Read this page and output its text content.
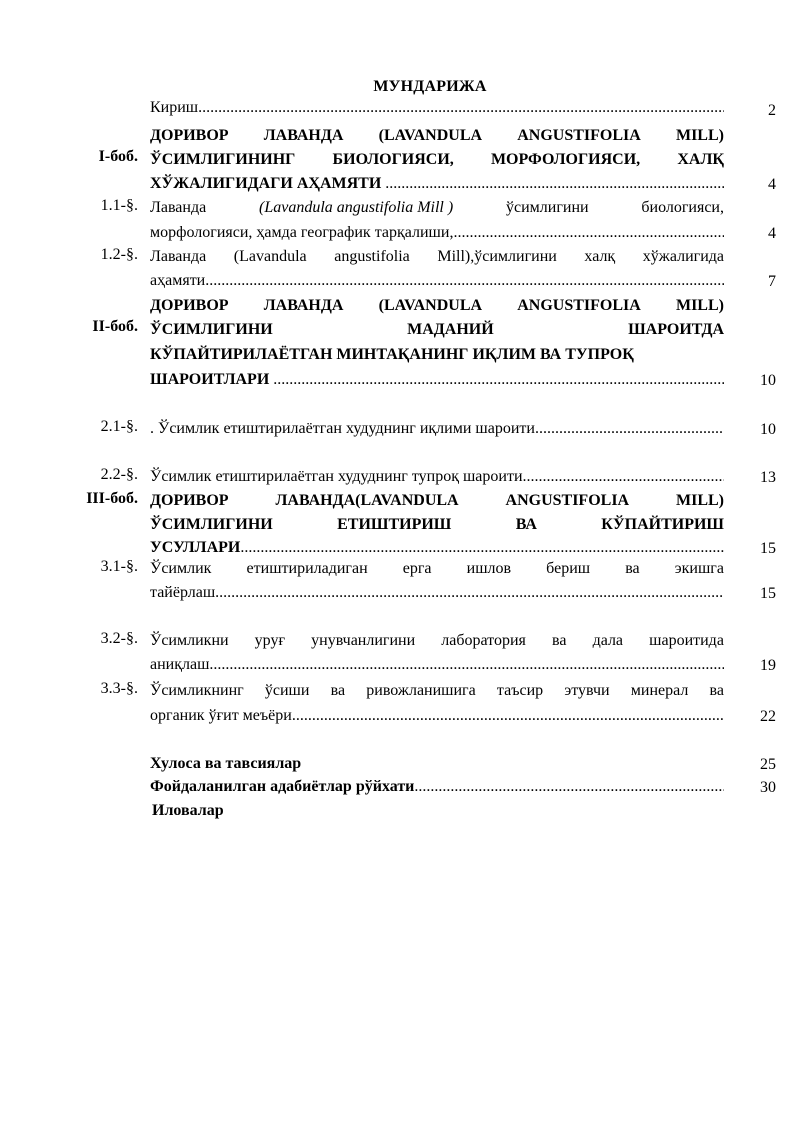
МУНДАРИЖА
Кириш .....	2
I-боб.
ДОРИВОР ЛАВАНДА (LAVANDULA ANGUSTIFOLIA MILL)
ЎСИМЛИГИНИНГ БИОЛОГИЯСИ, МОРФОЛОГИЯСИ, ХАЛҚ
ХЎЖАЛИГИДАГИ АҲАМЯТИ .....	4
1.1-§. Лаванда	(Lavandula angustifolia Mill )	ўсимлигини	биологияси,
морфологияси, ҳамда географик тарқалиши, .....	4
1.2-§. Лаванда (Lavandula angustifolia Mill),ўсимлигини халқ хўжалигида
аҳамяти .....	7
II-боб.
ДОРИВОР ЛАВАНДА (LAVANDULA ANGUSTIFOLIA MILL)
ЎСИМЛИГИНИ	МАДАНИЙ	ШАРОИТДА
КЎПАЙТИРИЛАЁТГАН МИНТАҚАНИНГ ИҚЛИМ ВА ТУПРОҚ
ШАРОИТЛАРИ .....	10
2.1-§. . Ўсимлик етиштирилаётган худуднинг иқлими шароити .....	10
2.2-§. Ўсимлик етиштирилаётган худуднинг тупроқ шароити .....	13
III-боб. ДОРИВОР	ЛАВАНДА(LAVANDULA	ANGUSTIFOLIA	MILL)
ЎСИМЛИГИНИ	ЕТИШТИРИШ	ВА	КЎПАЙТИРИШ
УСУЛЛАРИ .....	15
3.1-§. Ўсимлик етиштириладиган ерга ишлов бериш ва экишга
тайёрлаш .....	15
3.2-§. Ўсимликни уруғ унувчанлигини лаборатория ва дала шароитида
аниқлаш .....	19
3.3-§. Ўсимликнинг ўсиши ва ривожланишига таъсир этувчи минерал ва
органик ўғит меъёри .....	22
Хулоса ва тавсиялар	25
Фойдаланилган адабиётлар рўйхати .....	30
Иловалар
